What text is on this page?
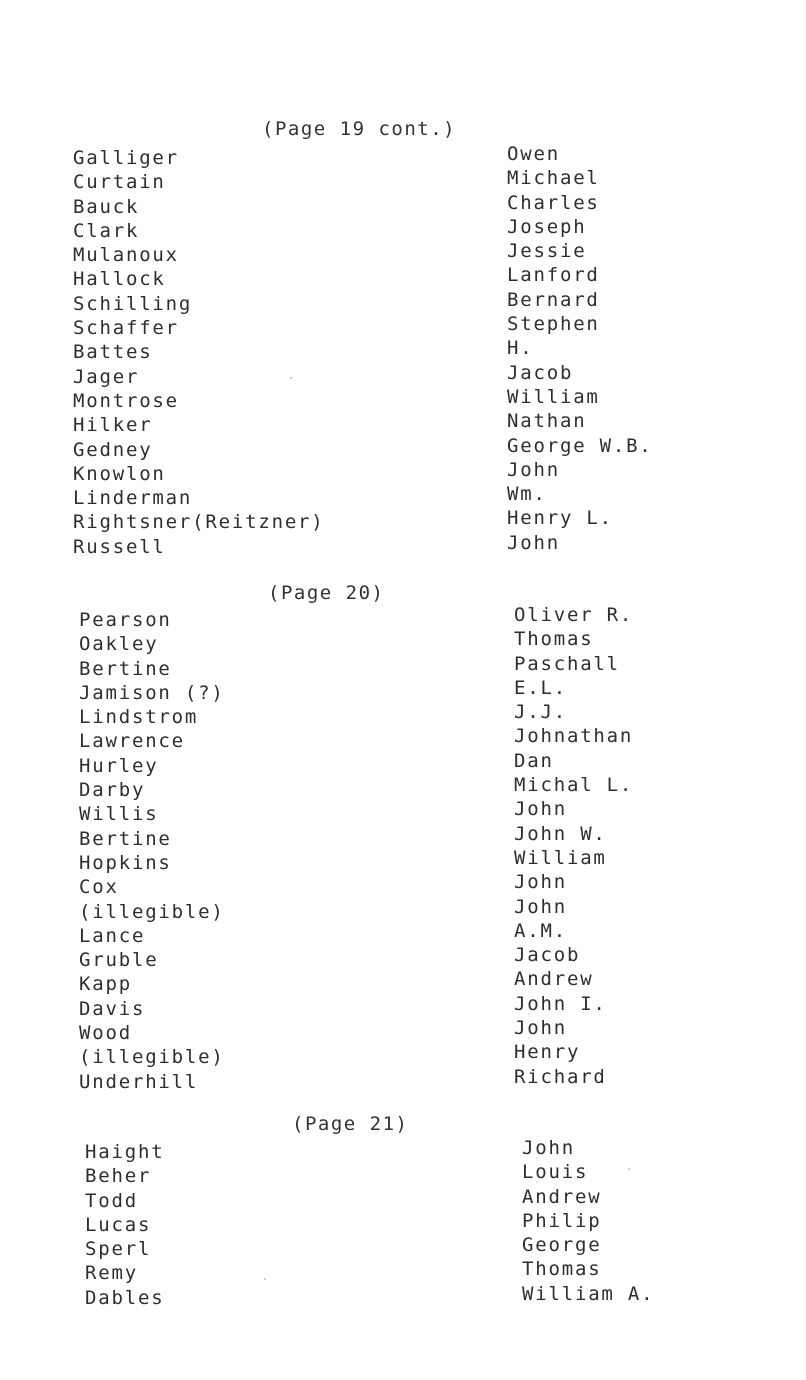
(Page 19 cont.)
Galliger
Curtain
Bauck
Clark
Mulanoux
Hallock
Schilling
Schaffer
Battes
Jager
Montrose
Hilker
Gedney
Knowlon
Linderman
Rightsner(Reitzner)
Russell
Owen
Michael
Charles
Joseph
Jessie
Lanford
Bernard
Stephen
H.
Jacob
William
Nathan
George W.B.
John
Wm.
Henry L.
John
(Page 20)
Pearson
Oakley
Bertine
Jamison (?)
Lindstrom
Lawrence
Hurley
Darby
Willis
Bertine
Hopkins
Cox
(illegible)
Lance
Gruble
Kapp
Davis
Wood
(illegible)
Underhill
Oliver R.
Thomas
Paschall
E.L.
J.J.
Johnathan
Dan
Michal L.
John
John W.
William
John
John
A.M.
Jacob
Andrew
John I.
John
Henry
Richard
(Page 21)
Haight
Beher
Todd
Lucas
Sperl
Remy
Dables
John
Louis
Andrew
Philip
George
Thomas
William A.
